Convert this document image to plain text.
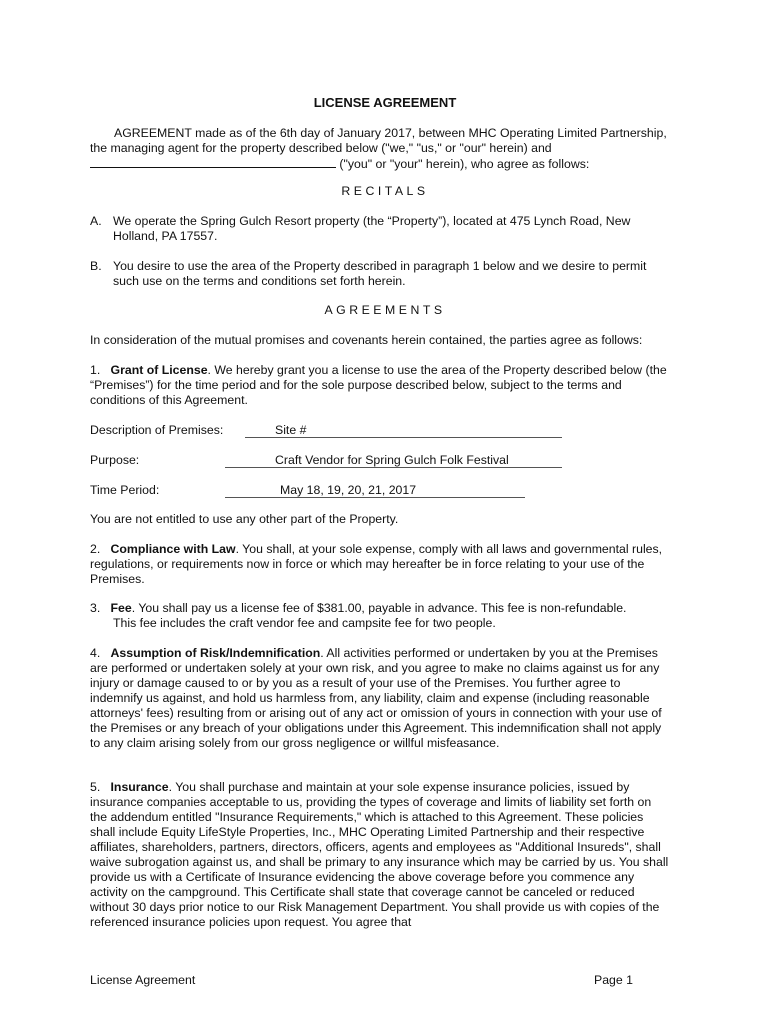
LICENSE AGREEMENT

AGREEMENT made as of the 6th day of January 2017, between MHC Operating Limited Partnership, the managing agent for the property described below ("we," "us," or "our" herein) and

("you" or "your" herein), who agree as follows:

RECITALS

A. We operate the Spring Gulch Resort property (the “Property”), located at 475 Lynch Road, New Holland, PA 17557.

B. You desire to use the area of the Property described in paragraph 1 below and we desire to permit such use on the terms and conditions set forth herein.

AGREEMENTS

In consideration of the mutual promises and covenants herein contained, the parties agree as follows:

1. Grant of License. We hereby grant you a license to use the area of the Property described below (the “Premises”) for the time period and for the sole purpose described below, subject to the terms and conditions of this Agreement.

Description of Premises:	Site #
Purpose:	Craft Vendor for Spring Gulch Folk Festival
Time Period:	May 18, 19, 20, 21, 2017

You are not entitled to use any other part of the Property.

2. Compliance with Law. You shall, at your sole expense, comply with all laws and governmental rules, regulations, or requirements now in force or which may hereafter be in force relating to your use of the Premises.

3. Fee. You shall pay us a license fee of $381.00, payable in advance. This fee is non-refundable.

This fee includes the craft vendor fee and campsite fee for two people.

4. Assumption of Risk/Indemnification. All activities performed or undertaken by you at the Premises are performed or undertaken solely at your own risk, and you agree to make no claims against us for any injury or damage caused to or by you as a result of your use of the Premises. You further agree to indemnify us against, and hold us harmless from, any liability, claim and expense (including reasonable attorneys' fees) resulting from or arising out of any act or omission of yours in connection with your use of the Premises or any breach of your obligations under this Agreement. This indemnification shall not apply to any claim arising solely from our gross negligence or willful misfeasance.

5. Insurance. You shall purchase and maintain at your sole expense insurance policies, issued by insurance companies acceptable to us, providing the types of coverage and limits of liability set forth on the addendum entitled "Insurance Requirements," which is attached to this Agreement. These policies shall include Equity LifeStyle Properties, Inc., MHC Operating Limited Partnership and their respective affiliates, shareholders, partners, directors, officers, agents and employees as "Additional Insureds", shall waive subrogation against us, and shall be primary to any insurance which may be carried by us. You shall provide us with a Certificate of Insurance evidencing the above coverage before you commence any activity on the campground. This Certificate shall state that coverage cannot be canceled or reduced without 30 days prior notice to our Risk Management Department. You shall provide us with copies of the referenced insurance policies upon request. You agree that

License Agreement	Page 1
